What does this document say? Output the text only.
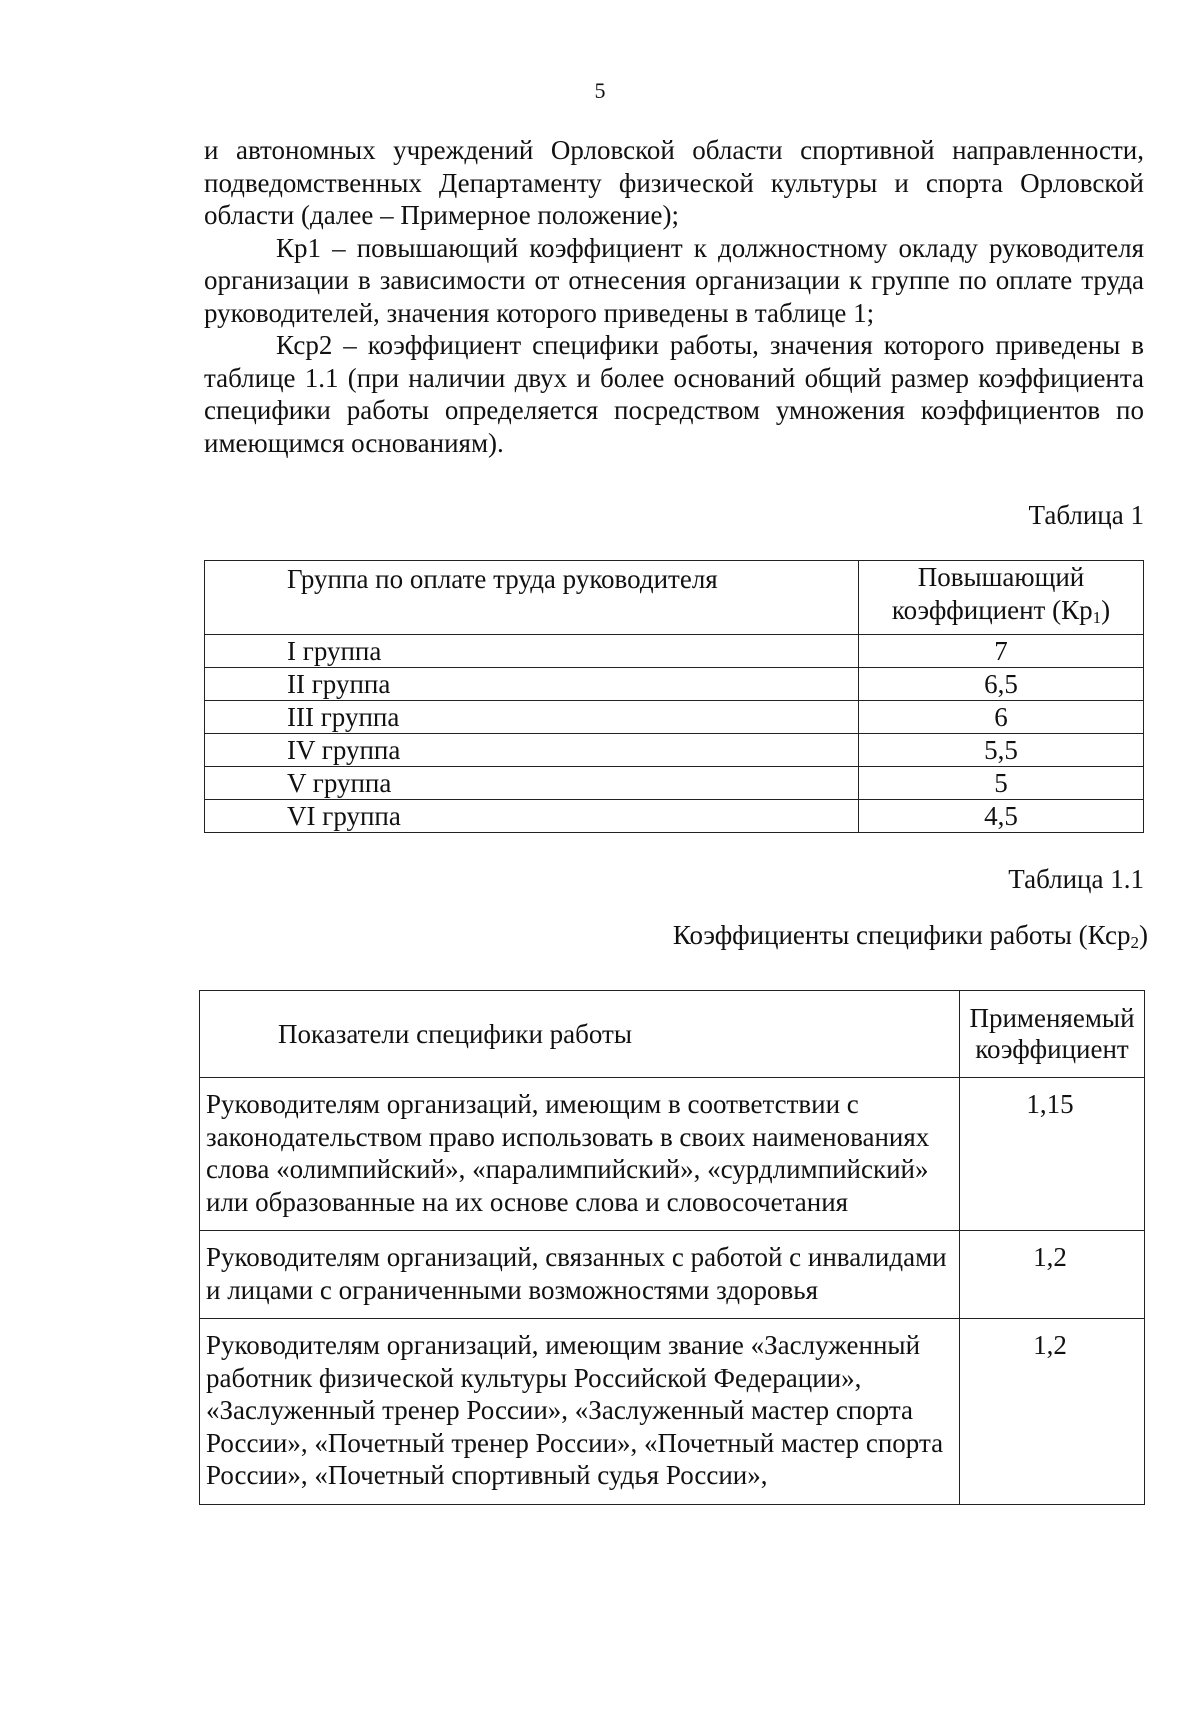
5

и автономных учреждений Орловской области спортивной направленности, подведомственных Департаменту физической культуры и спорта Орловской области (далее – Примерное положение);

Кр1 – повышающий коэффициент к должностному окладу руководителя организации в зависимости от отнесения организации к группе по оплате труда руководителей, значения которого приведены в таблице 1;

Кср2 – коэффициент специфики работы, значения которого приведены в таблице 1.1 (при наличии двух и более оснований общий размер коэффициента специфики работы определяется посредством умножения коэффициентов по имеющимся основаниям).

Таблица 1
Группа по оплате труда руководителя	Повышающий
коэффициент $(Кр_1)$
I группа	7
II группа	6,5
III группа	6
IV группа	5,5
V группа	5
VI группа	4,5
Таблица 1.1
Коэффициенты специфики работы (Кср$_2$)
Показатели специфики работы	Применяемый
коэффициент
Руководителям организаций, имеющим в соответствии с законодательством право использовать в своих наименованиях слова «олимпийский», «паралимпийский», «сурдлимпийский» или образованные на их основе слова и словосочетания	1,15
Руководителям организаций, связанных с работой с инвалидами и лицами с ограниченными возможностями здоровья	1,2
Руководителям организаций, имеющим звание «Заслуженный работник физической культуры Российской Федерации», «Заслуженный тренер России», «Заслуженный мастер спорта России», «Почетный тренер России», «Почетный мастер спорта России», «Почетный спортивный судья России»,	1,2
